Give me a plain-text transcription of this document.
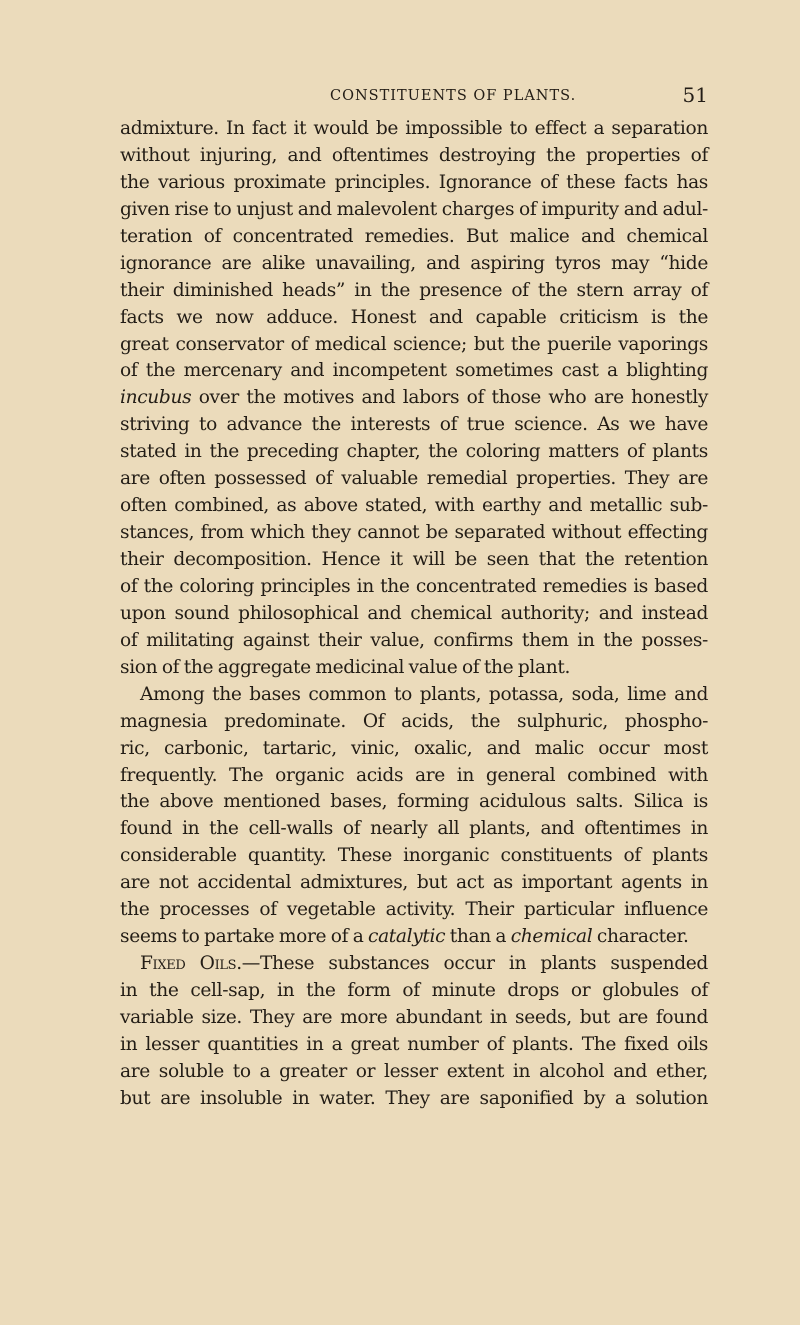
CONSTITUENTS OF PLANTS.	51
admixture. In fact it would be impossible to effect a separation
without injuring, and oftentimes destroying the properties of
the various proximate principles. Ignorance of these facts has
given rise to unjust and malevolent charges of impurity and adul-
teration of concentrated remedies. But malice and chemical
ignorance are alike unavailing, and aspiring tyros may “hide
their diminished heads” in the presence of the stern array of
facts we now adduce. Honest and capable criticism is the
great conservator of medical science; but the puerile vaporings
of the mercenary and incompetent sometimes cast a blighting
incubus over the motives and labors of those who are honestly
striving to advance the interests of true science. As we have
stated in the preceding chapter, the coloring matters of plants
are often possessed of valuable remedial properties. They are
often combined, as above stated, with earthy and metallic sub-
stances, from which they cannot be separated without effecting
their decomposition. Hence it will be seen that the retention
of the coloring principles in the concentrated remedies is based
upon sound philosophical and chemical authority; and instead
of militating against their value, confirms them in the posses-
sion of the aggregate medicinal value of the plant.
Among the bases common to plants, potassa, soda, lime and
magnesia predominate. Of acids, the sulphuric, phospho-
ric, carbonic, tartaric, vinic, oxalic, and malic occur most
frequently. The organic acids are in general combined with
the above mentioned bases, forming acidulous salts. Silica is
found in the cell-walls of nearly all plants, and oftentimes in
considerable quantity. These inorganic constituents of plants
are not accidental admixtures, but act as important agents in
the processes of vegetable activity. Their particular influence
seems to partake more of a catalytic than a chemical character.
Fixed Oils.—These substances occur in plants suspended
in the cell-sap, in the form of minute drops or globules of
variable size. They are more abundant in seeds, but are found
in lesser quantities in a great number of plants. The fixed oils
are soluble to a greater or lesser extent in alcohol and ether,
but are insoluble in water. They are saponified by a solution
